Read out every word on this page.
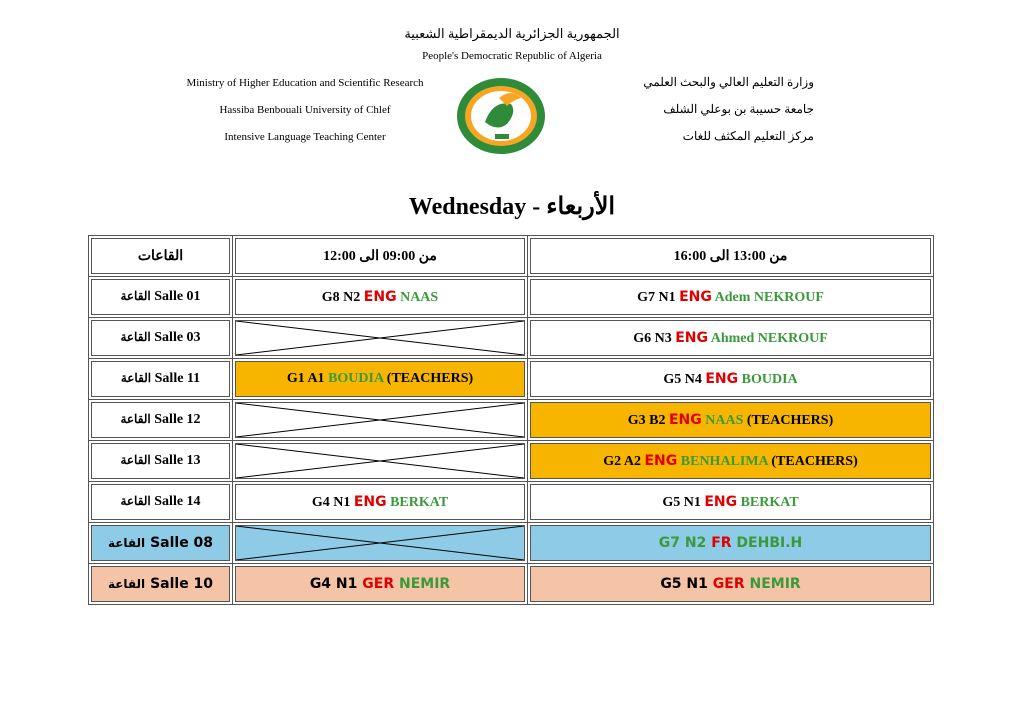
الجمهورية الجزائرية الديمقراطية الشعبية
People's Democratic Republic of Algeria
Ministry of Higher Education and Scientific Research
Hassiba Benbouali University of Chlef
Intensive Language Teaching Center
وزارة التعليم العالي والبحث العلمي
جامعة حسيبة بن بوعلي الشلف
مركز التعليم المكثف للغات
Wednesday - الأربعاء
القاعات	من 09:00 الى 12:00	من 13:00 الى 16:00
القاعة Salle 01	G8 N2 ENG NAAS	G7 N1 ENG Adem NEKROUF
القاعة Salle 03		G6 N3 ENG Ahmed NEKROUF
القاعة Salle 11	G1 A1 BOUDIA (TEACHERS)	G5 N4 ENG BOUDIA
القاعة Salle 12		G3 B2 ENG NAAS (TEACHERS)
القاعة Salle 13		G2 A2 ENG BENHALIMA (TEACHERS)
القاعة Salle 14	G4 N1 ENG BERKAT	G5 N1 ENG BERKAT
القاعة Salle 08		G7 N2 FR DEHBI.H
القاعة Salle 10	G4 N1 GER NEMIR	G5 N1 GER NEMIR
